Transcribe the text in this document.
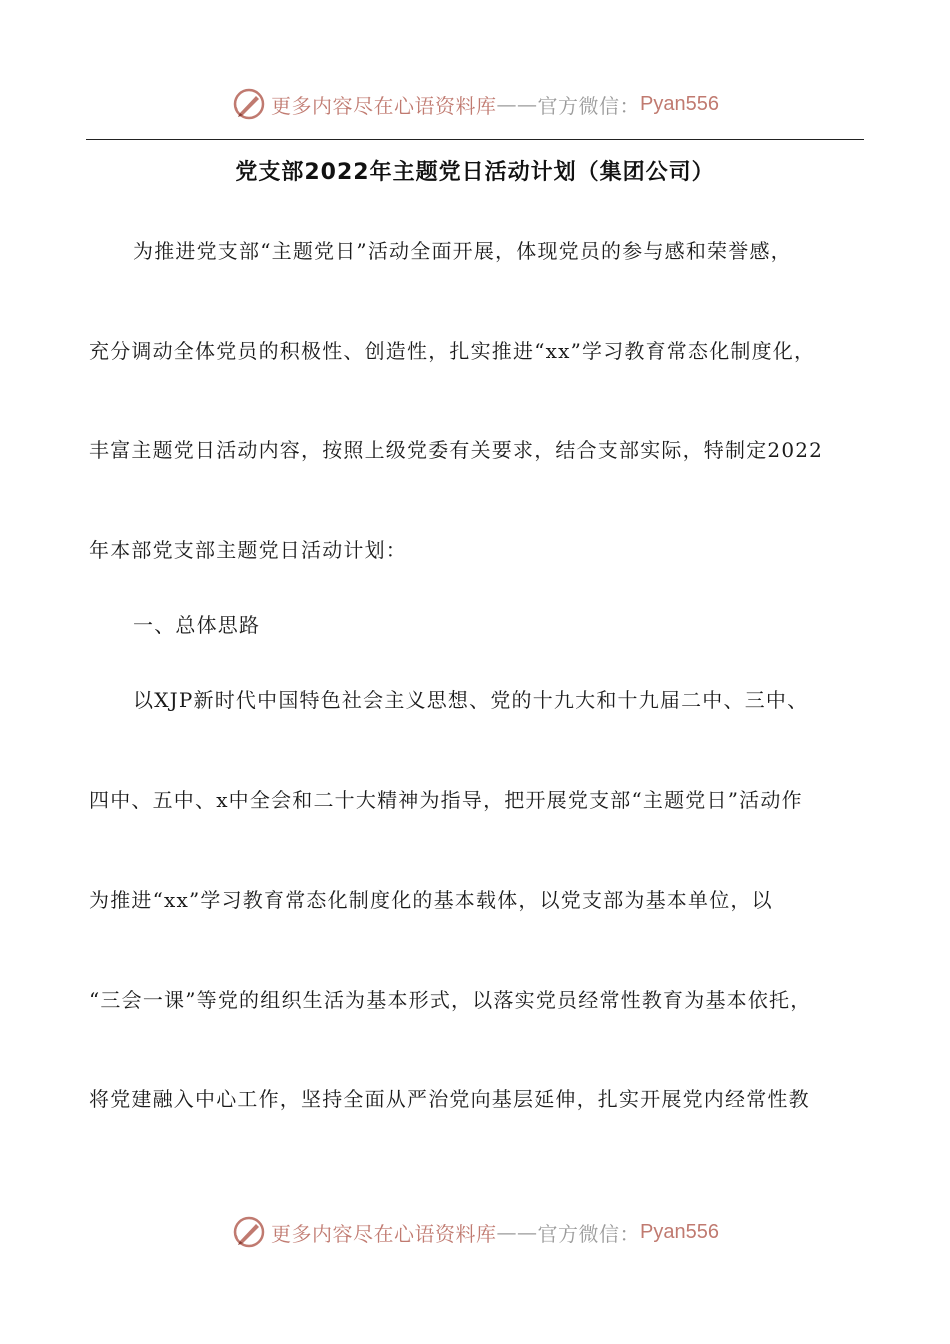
更多内容尽在心语资料库 —— 官方微信： Pyan556
党支部2022年主题党日活动计划（集团公司）
为推进党支部“主题党日”活动全面开展，体现党员的参与感和荣誉感，
充分调动全体党员的积极性、创造性，扎实推进“xx”学习教育常态化制度化，
丰富主题党日活动内容，按照上级党委有关要求，结合支部实际，特制定2022
年本部党支部主题党日活动计划：
一、总体思路
以XJP新时代中国特色社会主义思想、党的十九大和十九届二中、三中、
四中、五中、x中全会和二十大精神为指导，把开展党支部“主题党日”活动作
为推进“xx”学习教育常态化制度化的基本载体，以党支部为基本单位，以
“三会一课”等党的组织生活为基本形式，以落实党员经常性教育为基本依托，
将党建融入中心工作，坚持全面从严治党向基层延伸，扎实开展党内经常性教
更多内容尽在心语资料库 —— 官方微信： Pyan556
